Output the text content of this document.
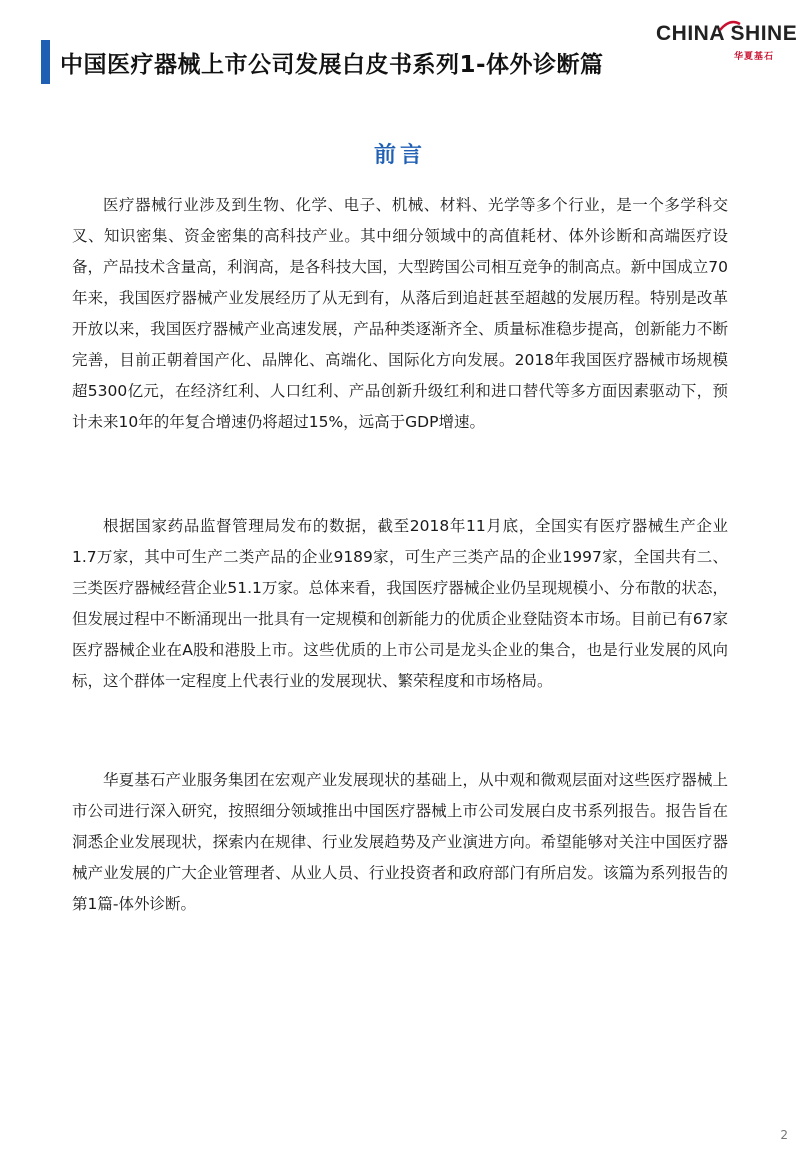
中国医疗器械上市公司发展白皮书系列1-体外诊断篇
CHINA SHINE
华夏基石
前言

医疗器械行业涉及到生物、化学、电子、机械、材料、光学等多个行业，是一个多学科交叉、知识密集、资金密集的高科技产业。其中细分领域中的高值耗材、体外诊断和高端医疗设备，产品技术含量高，利润高，是各科技大国，大型跨国公司相互竞争的制高点。新中国成立70年来，我国医疗器械产业发展经历了从无到有，从落后到追赶甚至超越的发展历程。特别是改革开放以来，我国医疗器械产业高速发展，产品种类逐渐齐全、质量标准稳步提高，创新能力不断完善，目前正朝着国产化、品牌化、高端化、国际化方向发展。2018年我国医疗器械市场规模超5300亿元，在经济红利、人口红利、产品创新升级红利和进口替代等多方面因素驱动下，预计未来10年的年复合增速仍将超过15%，远高于GDP增速。

根据国家药品监督管理局发布的数据，截至2018年11月底，全国实有医疗器械生产企业1.7万家，其中可生产二类产品的企业9189家，可生产三类产品的企业1997家，全国共有二、三类医疗器械经营企业51.1万家。总体来看，我国医疗器械企业仍呈现规模小、分布散的状态，但发展过程中不断涌现出一批具有一定规模和创新能力的优质企业登陆资本市场。目前已有67家医疗器械企业在A股和港股上市。这些优质的上市公司是龙头企业的集合，也是行业发展的风向标，这个群体一定程度上代表行业的发展现状、繁荣程度和市场格局。

华夏基石产业服务集团在宏观产业发展现状的基础上，从中观和微观层面对这些医疗器械上市公司进行深入研究，按照细分领域推出中国医疗器械上市公司发展白皮书系列报告。报告旨在洞悉企业发展现状，探索内在规律、行业发展趋势及产业演进方向。希望能够对关注中国医疗器械产业发展的广大企业管理者、从业人员、行业投资者和政府部门有所启发。该篇为系列报告的第1篇-体外诊断。

2
